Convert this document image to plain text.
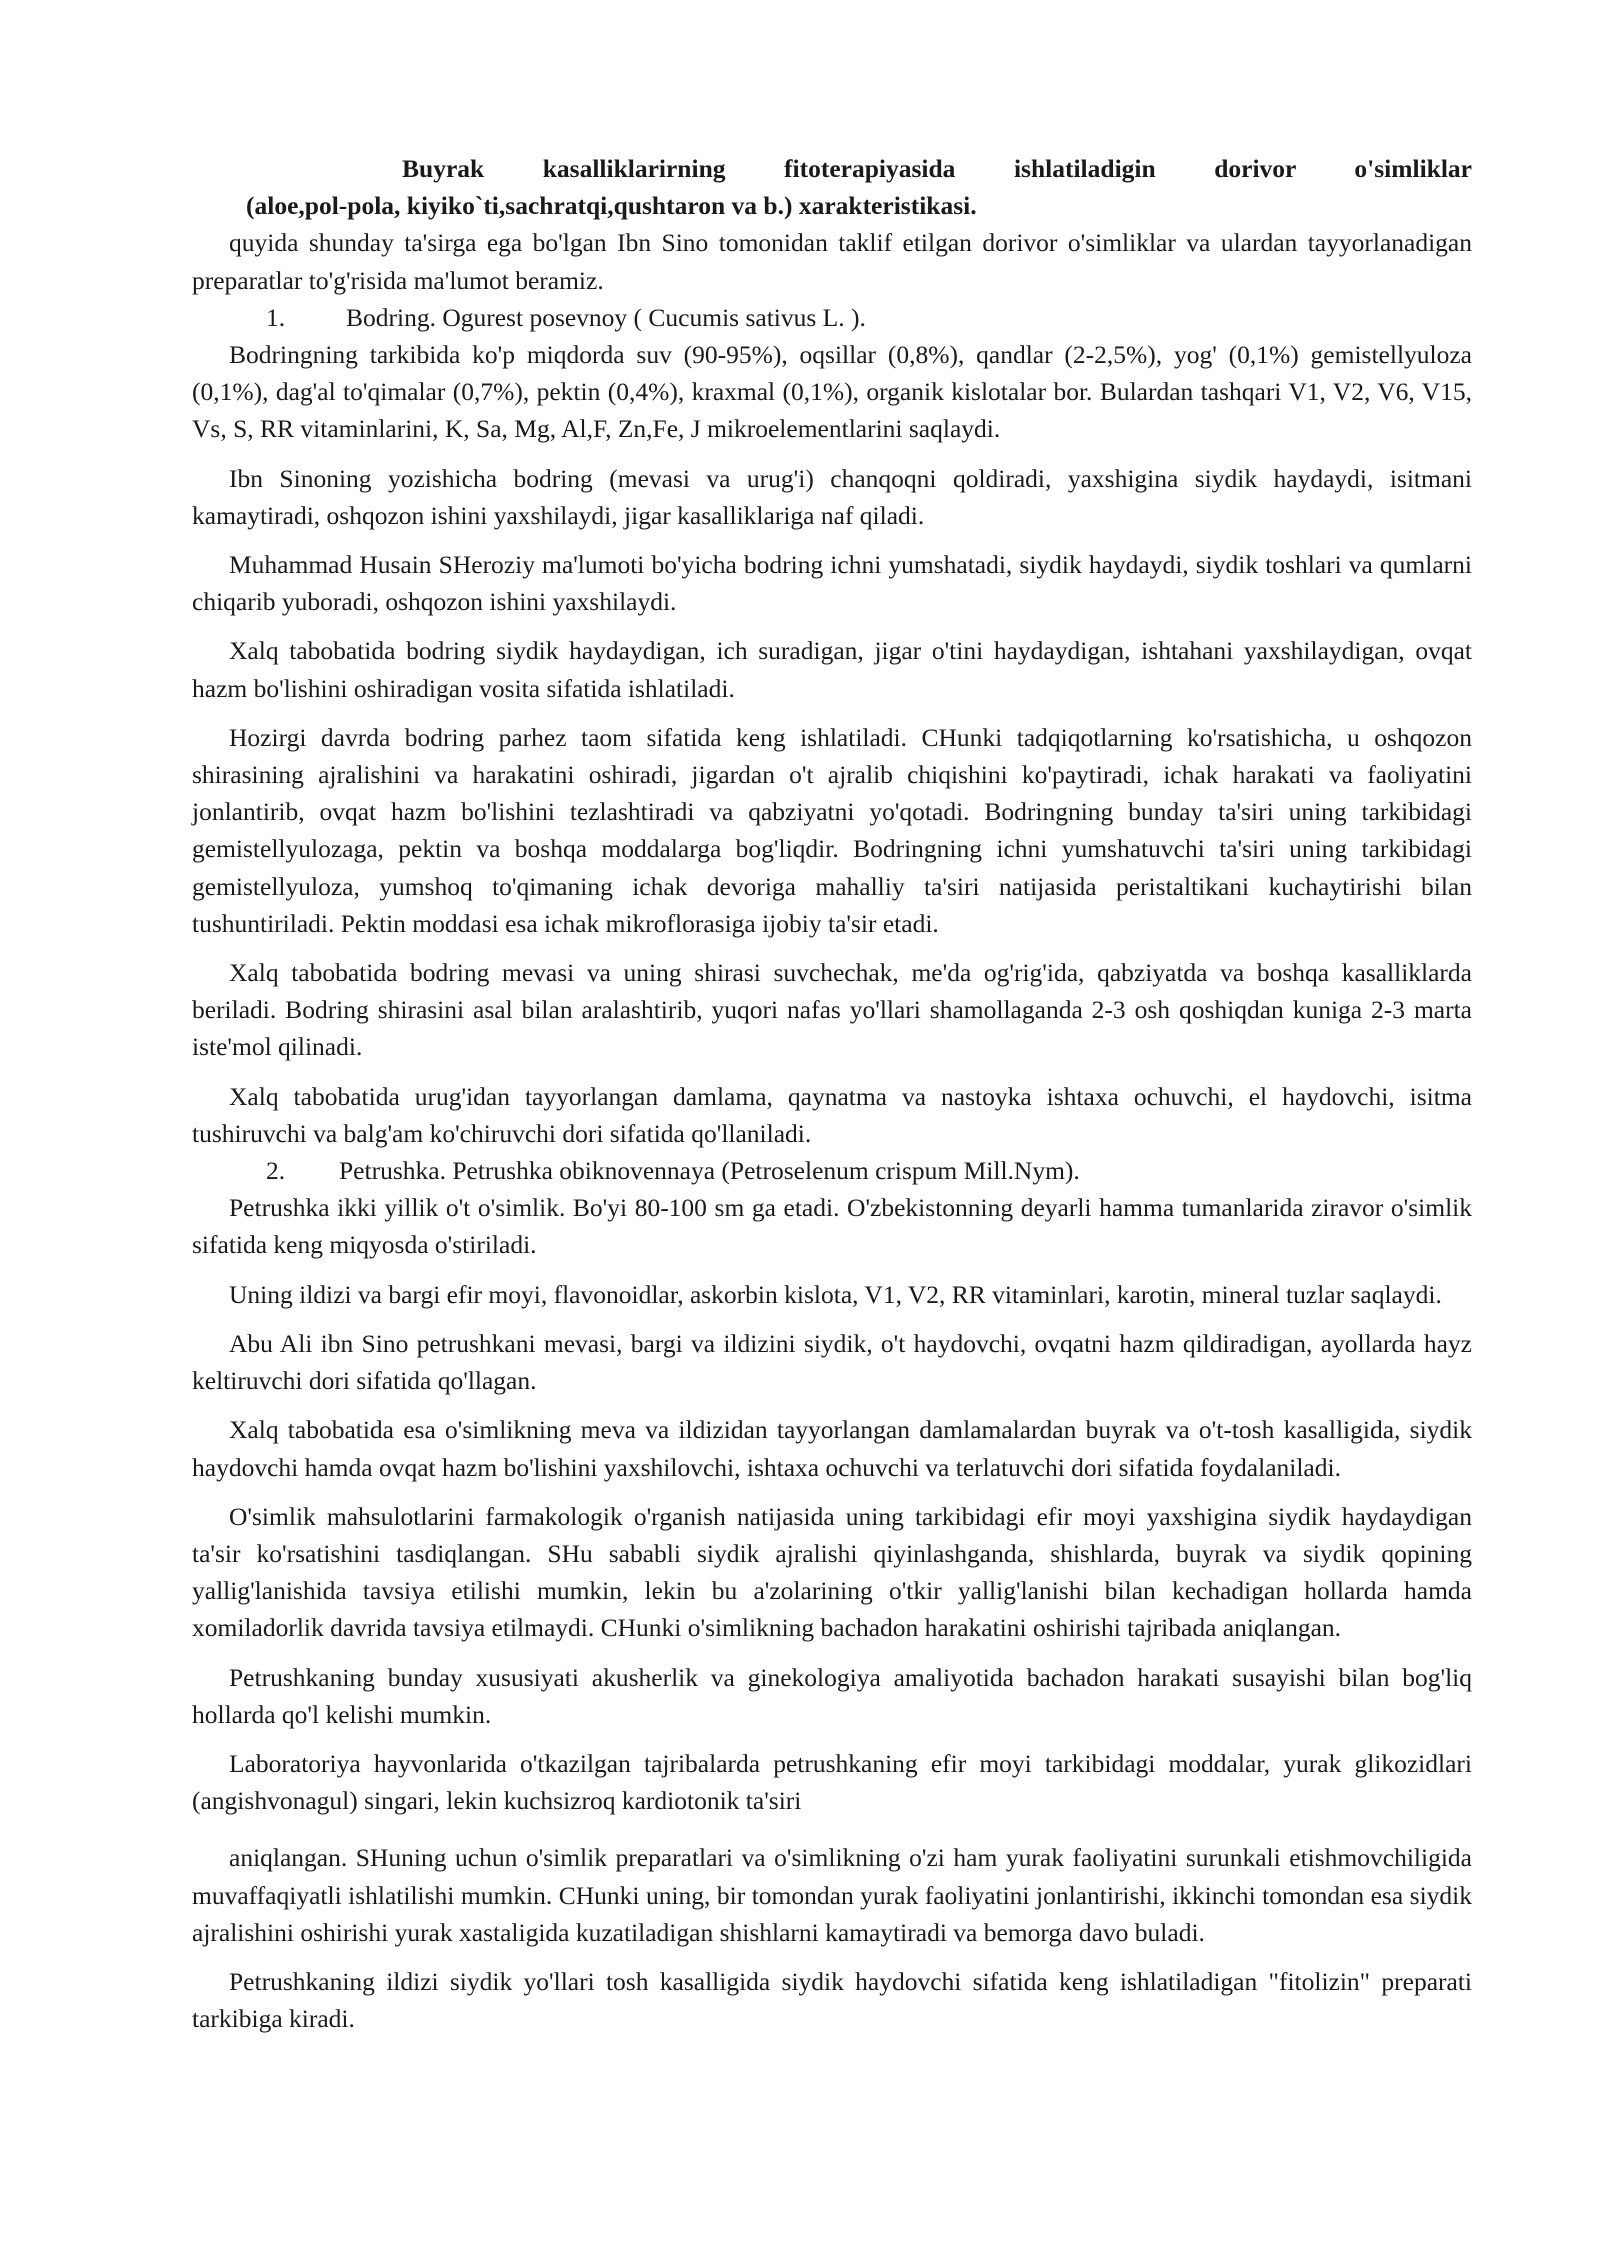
Buyrak kasalliklarirning fitoterapiyasida ishlatiladigin dorivor o'simliklar
(aloe,pol-pola, kiyiko`ti,sachratqi,qushtaron va b.) xarakteristikasi.

quyida shunday ta'sirga ega bo'lgan Ibn Sino tomonidan taklif etilgan dorivor o'simliklar va ulardan tayyorlanadigan preparatlar to'g'risida ma'lumot beramiz.

1. Bodring. Ogurest posevnoy ( Cucumis sativus L. ).

Bodringning tarkibida ko'p miqdorda suv (90-95%), oqsillar (0,8%), qandlar (2-2,5%), yog' (0,1%) gemistellyuloza (0,1%), dag'al to'qimalar (0,7%), pektin (0,4%), kraxmal (0,1%), organik kislotalar bor. Bulardan tashqari V1, V2, V6, V15, Vs, S, RR vitaminlarini, K, Sa, Mg, Al,F, Zn,Fe, J mikroelementlarini saqlaydi.

Ibn Sinoning yozishicha bodring (mevasi va urug'i) chanqoqni qoldiradi, yaxshigina siydik haydaydi, isitmani kamaytiradi, oshqozon ishini yaxshilaydi, jigar kasalliklariga naf qiladi.

Muhammad Husain SHeroziy ma'lumoti bo'yicha bodring ichni yumshatadi, siydik haydaydi, siydik toshlari va qumlarni chiqarib yuboradi, oshqozon ishini yaxshilaydi.

Xalq tabobatida bodring siydik haydaydigan, ich suradigan, jigar o'tini haydaydigan, ishtahani yaxshilaydigan, ovqat hazm bo'lishini oshiradigan vosita sifatida ishlatiladi.

Hozirgi davrda bodring parhez taom sifatida keng ishlatiladi. CHunki tadqiqotlarning ko'rsatishicha, u oshqozon shirasining ajralishini va harakatini oshiradi, jigardan o't ajralib chiqishini ko'paytiradi, ichak harakati va faoliyatini jonlantirib, ovqat hazm bo'lishini tezlashtiradi va qabziyatni yo'qotadi. Bodringning bunday ta'siri uning tarkibidagi gemistellyulozaga, pektin va boshqa moddalarga bog'liqdir. Bodringning ichni yumshatuvchi ta'siri uning tarkibidagi gemistellyuloza, yumshoq to'qimaning ichak devoriga mahalliy ta'siri natijasida peristaltikani kuchaytirishi bilan tushuntiriladi. Pektin moddasi esa ichak mikroflorasiga ijobiy ta'sir etadi.

Xalq tabobatida bodring mevasi va uning shirasi suvchechak, me'da og'rig'ida, qabziyatda va boshqa kasalliklarda beriladi. Bodring shirasini asal bilan aralashtirib, yuqori nafas yo'llari shamollaganda 2-3 osh qoshiqdan kuniga 2-3 marta iste'mol qilinadi.

Xalq tabobatida urug'idan tayyorlangan damlama, qaynatma va nastoyka ishtaxa ochuvchi, el haydovchi, isitma tushiruvchi va balg'am ko'chiruvchi dori sifatida qo'llaniladi.

2. Petrushka. Petrushka obiknovennaya (Petroselenum crispum Mill.Nym).

Petrushka ikki yillik o't o'simlik. Bo'yi 80-100 sm ga etadi. O'zbekistonning deyarli hamma tumanlarida ziravor o'simlik sifatida keng miqyosda o'stiriladi.

Uning ildizi va bargi efir moyi, flavonoidlar, askorbin kislota, V1, V2, RR vitaminlari, karotin, mineral tuzlar saqlaydi.

Abu Ali ibn Sino petrushkani mevasi, bargi va ildizini siydik, o't haydovchi, ovqatni hazm qildiradigan, ayollarda hayz keltiruvchi dori sifatida qo'llagan.

Xalq tabobatida esa o'simlikning meva va ildizidan tayyorlangan damlamalardan buyrak va o't-tosh kasalligida, siydik haydovchi hamda ovqat hazm bo'lishini yaxshilovchi, ishtaxa ochuvchi va terlatuvchi dori sifatida foydalaniladi.

O'simlik mahsulotlarini farmakologik o'rganish natijasida uning tarkibidagi efir moyi yaxshigina siydik haydaydigan ta'sir ko'rsatishini tasdiqlangan. SHu sababli siydik ajralishi qiyinlashganda, shishlarda, buyrak va siydik qopining yallig'lanishida tavsiya etilishi mumkin, lekin bu a'zolarining o'tkir yallig'lanishi bilan kechadigan hollarda hamda xomiladorlik davrida tavsiya etilmaydi. CHunki o'simlikning bachadon harakatini oshirishi tajribada aniqlangan.

Petrushkaning bunday xususiyati akusherlik va ginekologiya amaliyotida bachadon harakati susayishi bilan bog'liq hollarda qo'l kelishi mumkin.

Laboratoriya hayvonlarida o'tkazilgan tajribalarda petrushkaning efir moyi tarkibidagi moddalar, yurak glikozidlari (angishvonagul) singari, lekin kuchsizroq kardiotonik ta'siri

aniqlangan. SHuning uchun o'simlik preparatlari va o'simlikning o'zi ham yurak faoliyatini surunkali etishmovchiligida muvaffaqiyatli ishlatilishi mumkin. CHunki uning, bir tomondan yurak faoliyatini jonlantirishi, ikkinchi tomondan esa siydik ajralishini oshirishi yurak xastaligida kuzatiladigan shishlarni kamaytiradi va bemorga davo buladi.

Petrushkaning ildizi siydik yo'llari tosh kasalligida siydik haydovchi sifatida keng ishlatiladigan "fitolizin" preparati tarkibiga kiradi.
